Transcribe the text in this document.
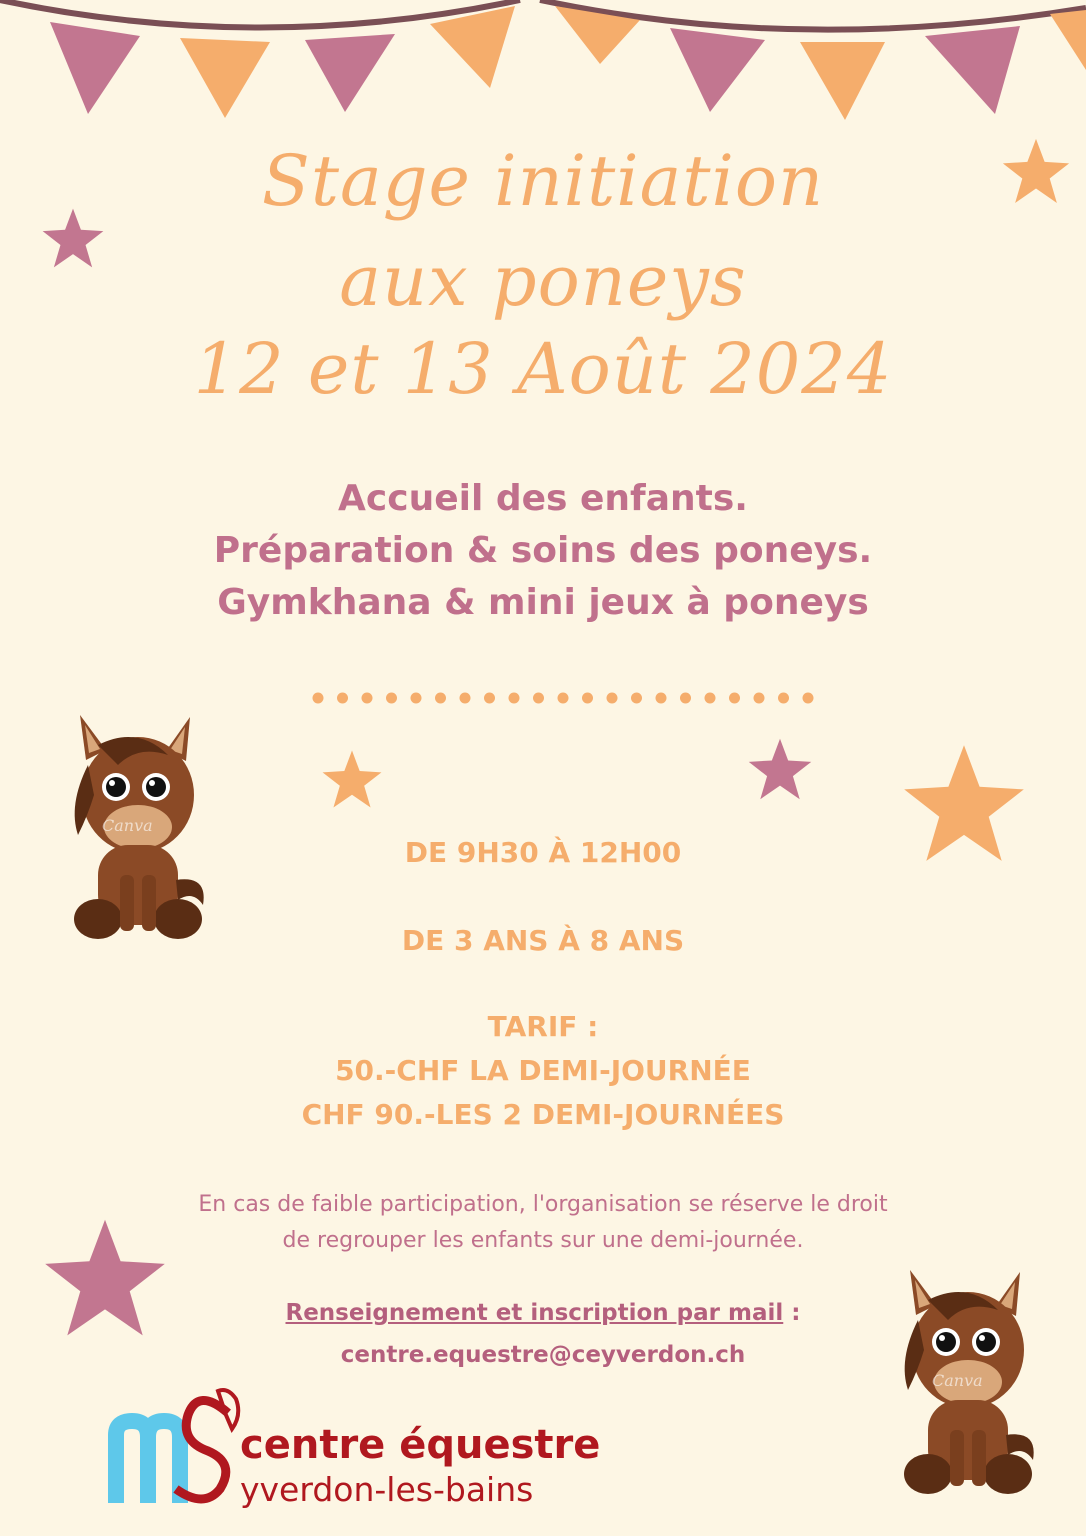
Stage initiation
aux poneys
12 et 13 Août 2024
Accueil des enfants.
Préparation & soins des poneys.
Gymkhana & mini jeux à poneys
Canva
Canva
DE 9H30 À 12H00
DE 3 ANS À 8 ANS
TARIF :
50.-CHF LA DEMI-JOURNÉE
CHF 90.-LES 2 DEMI-JOURNÉES
En cas de faible participation, l'organisation se réserve le droit
de regrouper les enfants sur une demi-journée.
Renseignement et inscription par mail :
centre.equestre@ceyverdon.ch
centre équestre
yverdon-les-bains
